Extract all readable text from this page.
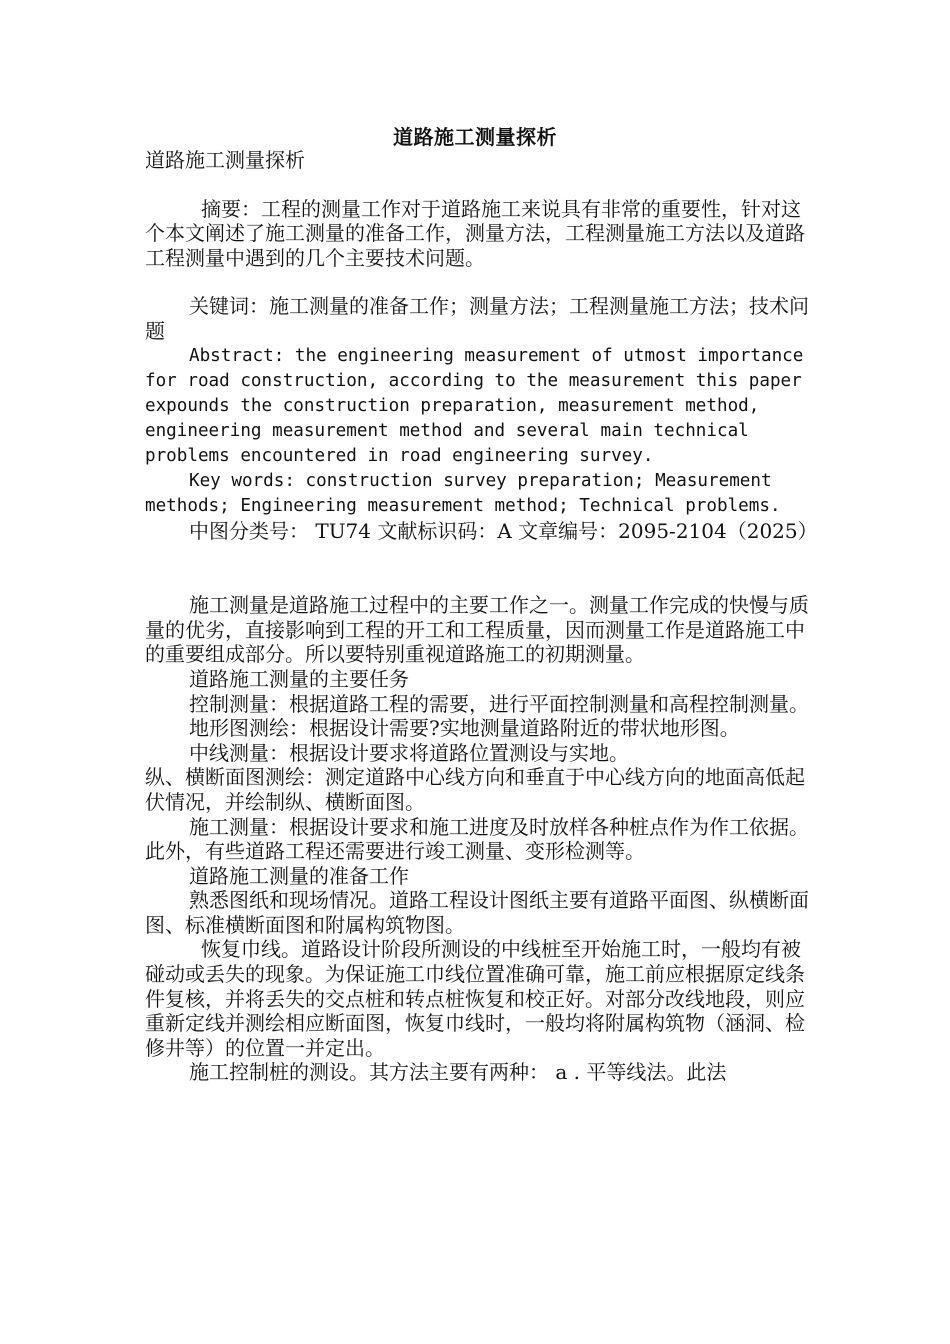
道路施工测量探析

道路施工测量探析

摘要：工程的测量工作对于道路施工来说具有非常的重要性，针对这个本文阐述了施工测量的准备工作，测量方法，工程测量施工方法以及道路工程测量中遇到的几个主要技术问题。

关键词：施工测量的准备工作；测量方法；工程测量施工方法；技术问题

Abstract: the engineering measurement of utmost importance for road construction, according to the measurement this paper expounds the construction preparation, measurement method, engineering measurement method and several main technical problems encountered in road engineering survey.

Key words: construction survey preparation; Measurement methods; Engineering measurement method; Technical problems.

中图分类号： TU74 文献标识码：A 文章编号：2095-2104（2025）

施工测量是道路施工过程中的主要工作之一。测量工作完成的快慢与质量的优劣，直接影响到工程的开工和工程质量，因而测量工作是道路施工中的重要组成部分。所以要特别重视道路施工的初期测量。

道路施工测量的主要任务

控制测量：根据道路工程的需要，进行平面控制测量和高程控制测量。

地形图测绘：根据设计需要?实地测量道路附近的带状地形图。

中线测量：根据设计要求将道路位置测设与实地。

纵、横断面图测绘：测定道路中心线方向和垂直于中心线方向的地面高低起伏情况，并绘制纵、横断面图。

施工测量：根据设计要求和施工进度及时放样各种桩点作为作工依据。 此外，有些道路工程还需要进行竣工测量、变形检测等。

道路施工测量的准备工作

熟悉图纸和现场情况。道路工程设计图纸主要有道路平面图、纵横断面图、标准横断面图和附属构筑物图。

恢复巾线。道路设计阶段所测设的中线桩至开始施工时，一般均有被碰动或丢失的现象。为保证施工巾线位置准确可靠，施工前应根据原定线条件复核，并将丢失的交点桩和转点桩恢复和校正好。对部分改线地段，则应重新定线并测绘相应断面图，恢复巾线时，一般均将附属构筑物（涵洞、检修井等）的位置一并定出。

施工控制桩的测设。其方法主要有两种： a . 平等线法。此法
